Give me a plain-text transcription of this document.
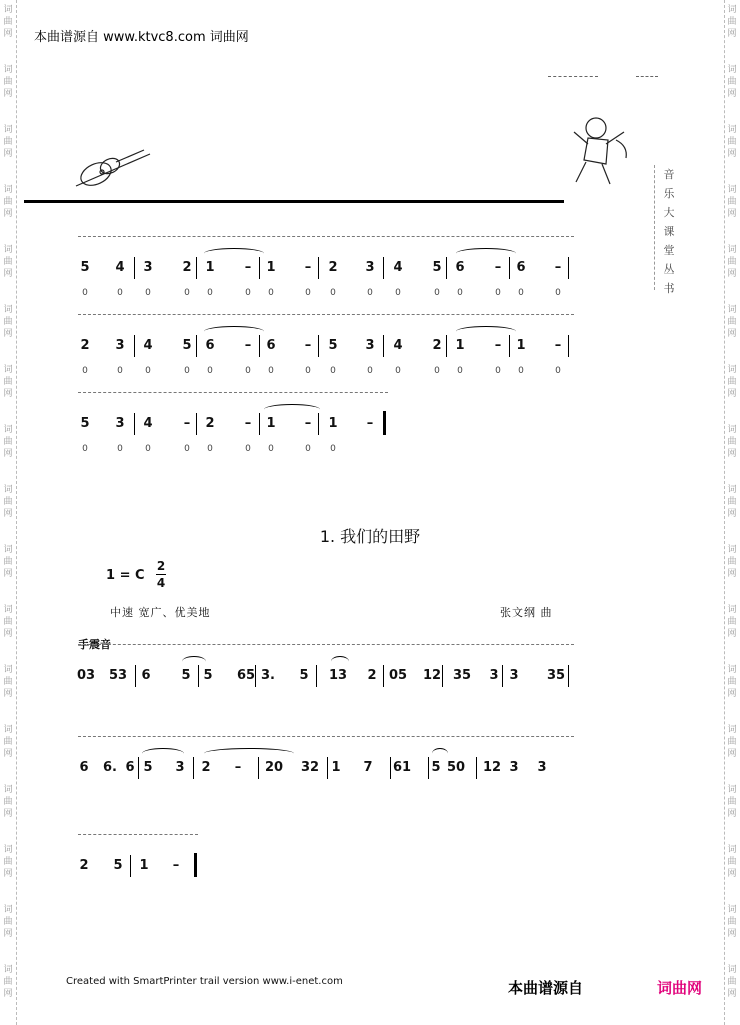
词
曲
网
词
曲
网
词
曲
网
词
曲
网
词
曲
网
词
曲
网
词
曲
网
词
曲
网
词
曲
网
词
曲
网
词
曲
网
词
曲
网
词
曲
网
词
曲
网
词
曲
网
词
曲
网
词
曲
网
词
曲
网
词
曲
网
词
曲
网
词
曲
网
词
曲
网
词
曲
网
词
曲
网
词
曲
网
词
曲
网
词
曲
网
词
曲
网
词
曲
网
词
曲
网
词
曲
网
词
曲
网
词
曲
网
词
曲
网
本曲谱源自 www.ktvc8.com 词曲网
音
乐
大
课
堂
丛
书
5 4 3 2 1 – 1 – 2 3 4 5 6 – 6 –
0	0 0	0 0	0 0	0 0	0 0	0 0	0 0	0
2 3 4 5 6 – 6 – 5 3 4 2 1 – 1 –
0	0 0	0 0	0 0	0 0	0 0	0 0	0 0	0
5 3 4 – 2 – 1 – 1 –
0	0 0	0 0	0 0	0 0
1. 我们的田野
1 = C
2
4
中速 宽广、优美地	张文纲 曲
手震音
03 53 6 5 5 65 3. 5 13 2 05 12 35 3 3 35
6 6. 6 5 3 2 – 20 32 1 7 61 5 50 12 3 3
2 5 1 –
Created with SmartPrinter trail version www.i-enet.com	本曲谱源自	词曲网
